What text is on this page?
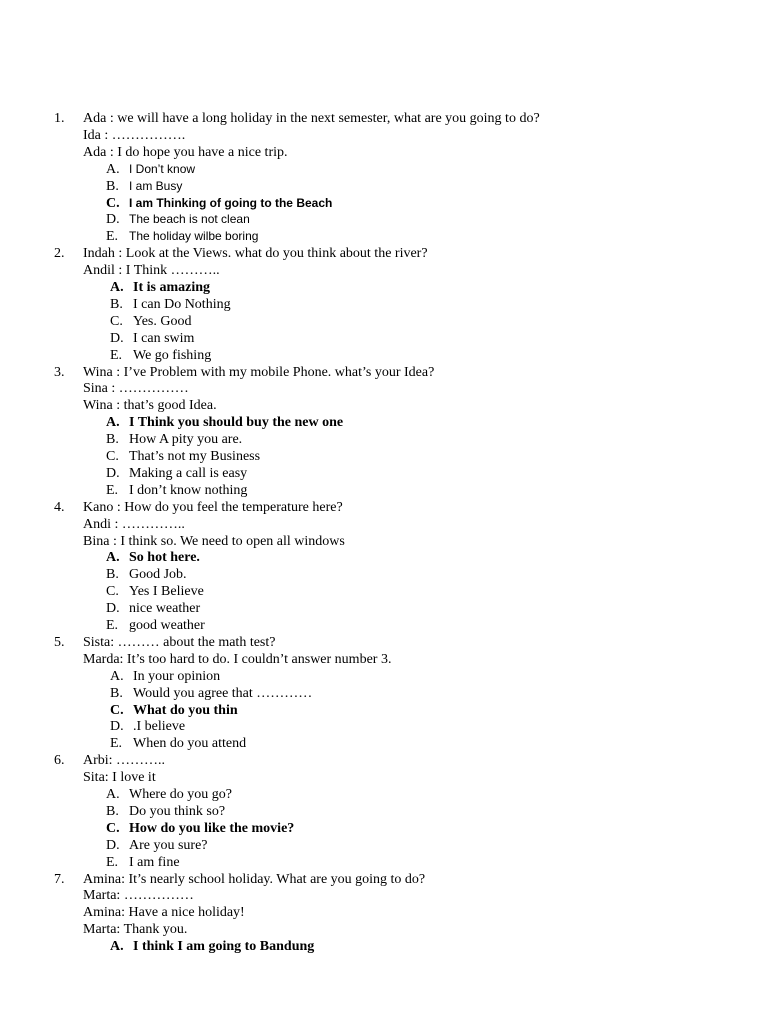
1. Ada : we will have a long holiday in the next semester, what are you going to do?
Ida : …………….
Ada : I do hope you have a nice trip.
A. I Don’t know
B. I am Busy
C. I am Thinking of going to the Beach
D. The beach is not clean
E. The holiday wilbe boring
2. Indah : Look at the Views. what do you think about the river?
Andil : I Think ………..
A. It is amazing
B. I can Do Nothing
C. Yes. Good
D. I can swim
E. We go fishing
3. Wina : I’ve Problem with my mobile Phone. what’s your Idea?
Sina : ……………
Wina : that’s good Idea.
A. I Think you should buy the new one
B. How A pity you are.
C. That’s not my Business
D. Making a call is easy
E. I don’t know nothing
4. Kano : How do you feel the temperature here?
Andi : …………..
Bina : I think so. We need to open all windows
A. So hot here.
B. Good Job.
C. Yes I Believe
D. nice weather
E. good weather
5. Sista: ……… about the math test?
Marda: It’s too hard to do. I couldn’t answer number 3.
A. In your opinion
B. Would you agree that …………
C. What do you thin
D. .I believe
E. When do you attend
6. Arbi: ………..
Sita: I love it
A. Where do you go?
B. Do you think so?
C. How do you like the movie?
D. Are you sure?
E. I am fine
7. Amina: It’s nearly school holiday. What are you going to do?
Marta: ……………
Amina: Have a nice holiday!
Marta: Thank you.
A. I think I am going to Bandung
